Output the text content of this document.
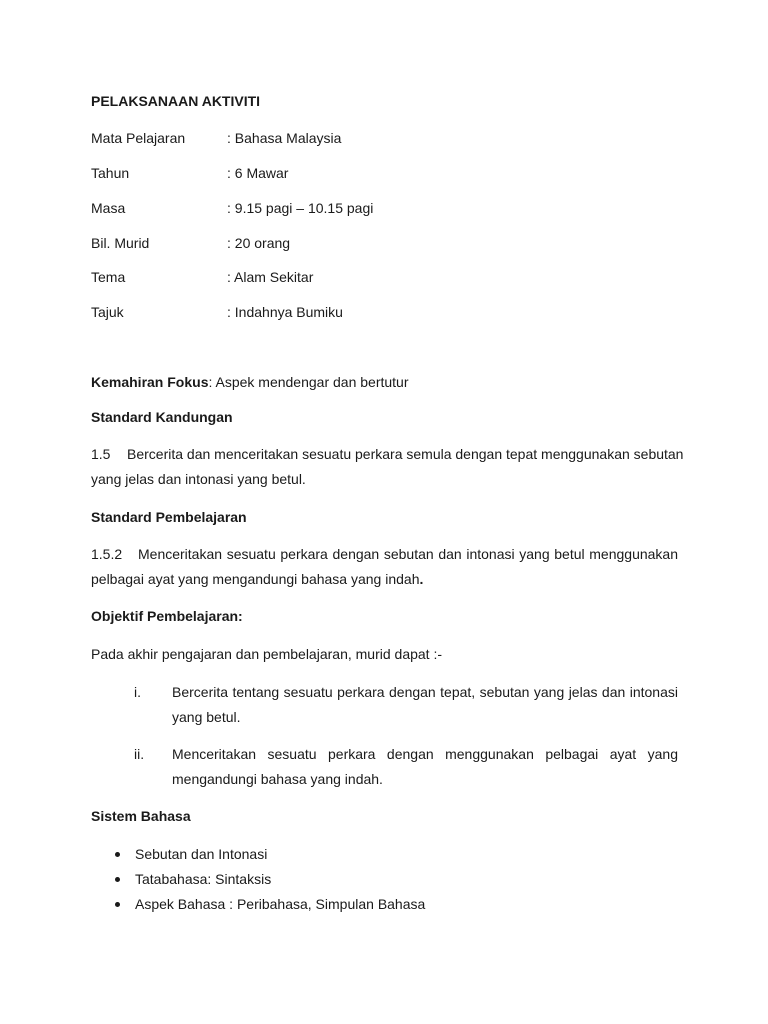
PELAKSANAAN AKTIVITI
Mata Pelajaran	: Bahasa Malaysia
Tahun	: 6 Mawar
Masa	: 9.15 pagi – 10.15 pagi
Bil. Murid	: 20 orang
Tema	: Alam Sekitar
Tajuk	: Indahnya Bumiku
Kemahiran Fokus: Aspek mendengar dan bertutur
Standard Kandungan
1.5 Bercerita dan menceritakan sesuatu perkara semula dengan tepat menggunakan sebutan
yang jelas dan intonasi yang betul.
Standard Pembelajaran
1.5.2 Menceritakan sesuatu perkara dengan sebutan dan intonasi yang betul menggunakan
pelbagai ayat yang mengandungi bahasa yang indah.
Objektif Pembelajaran:
Pada akhir pengajaran dan pembelajaran, murid dapat :-
i. Bercerita tentang sesuatu perkara dengan tepat, sebutan yang jelas dan intonasi
yang betul.
ii. Menceritakan sesuatu perkara dengan menggunakan pelbagai ayat yang
mengandungi bahasa yang indah.
Sistem Bahasa
Sebutan dan Intonasi
Tatabahasa: Sintaksis
Aspek Bahasa : Peribahasa, Simpulan Bahasa
